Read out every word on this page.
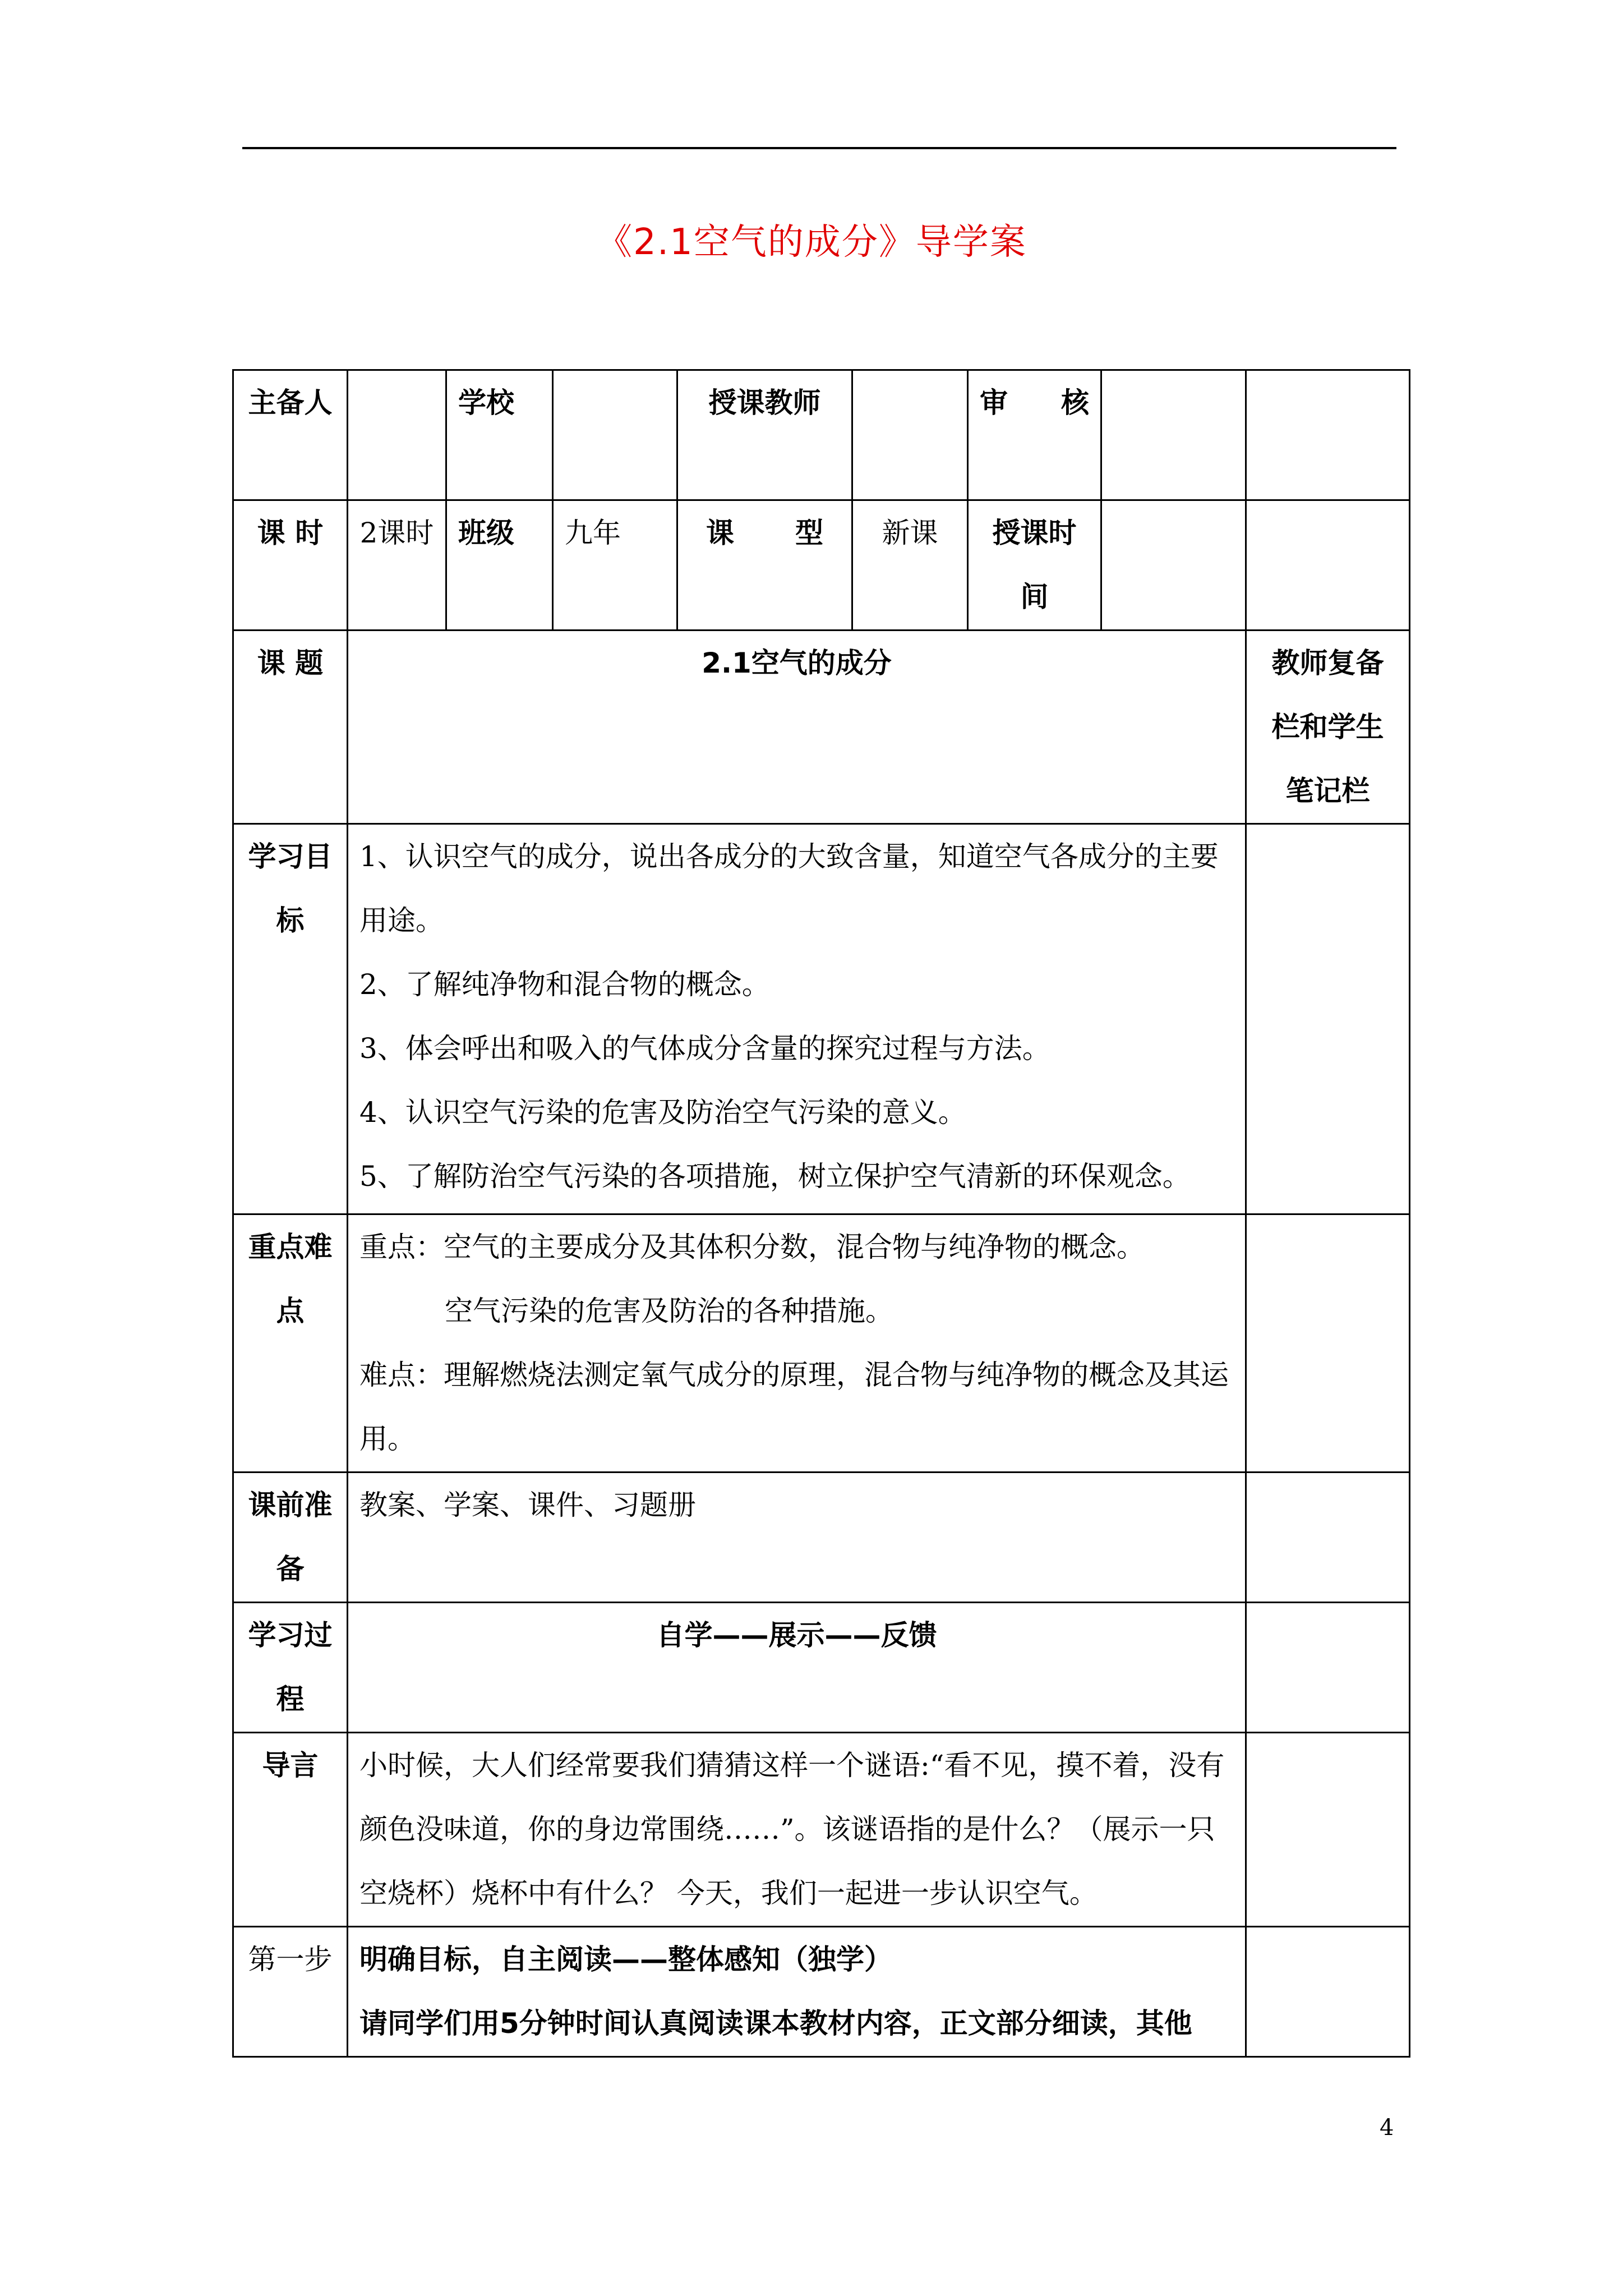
《2.1空气的成分》导学案
主备人		学校		授课教师		审 核		

课 时	2课时	班级	九年	课 型	新课	授课时间		
课 题	2.1空气的成分							教师复备栏和学生笔记栏
学习目标	1、认识空气的成分，说出各成分的大致含量，知道空气各成分的主要用途。

2、了解纯净物和混合物的概念。

3、体会呼出和吸入的气体成分含量的探究过程与方法。

4、认识空气污染的危害及防治空气污染的意义。

5、了解防治空气污染的各项措施，树立保护空气清新的环保观念。							

重点难点	重点：空气的主要成分及其体积分数，混合物与纯净物的概念。

空气污染的危害及防治的各种措施。

难点：理解燃烧法测定氧气成分的原理，混合物与纯净物的概念及其运用。							

课前准备	教案、学案、课件、习题册							
学习过程	自学——展示——反馈							
导言	小时候，大人们经常要我们猜猜这样一个谜语:“看不见，摸不着，没有颜色没味道，你的身边常围绕……”。该谜语指的是什么？（展示一只空烧杯）烧杯中有什么？ 今天，我们一起进一步认识空气。							
第一步	明确目标，自主阅读——整体感知（独学）

请同学们用5分钟时间认真阅读课本教材内容，正文部分细读，其他							

4
